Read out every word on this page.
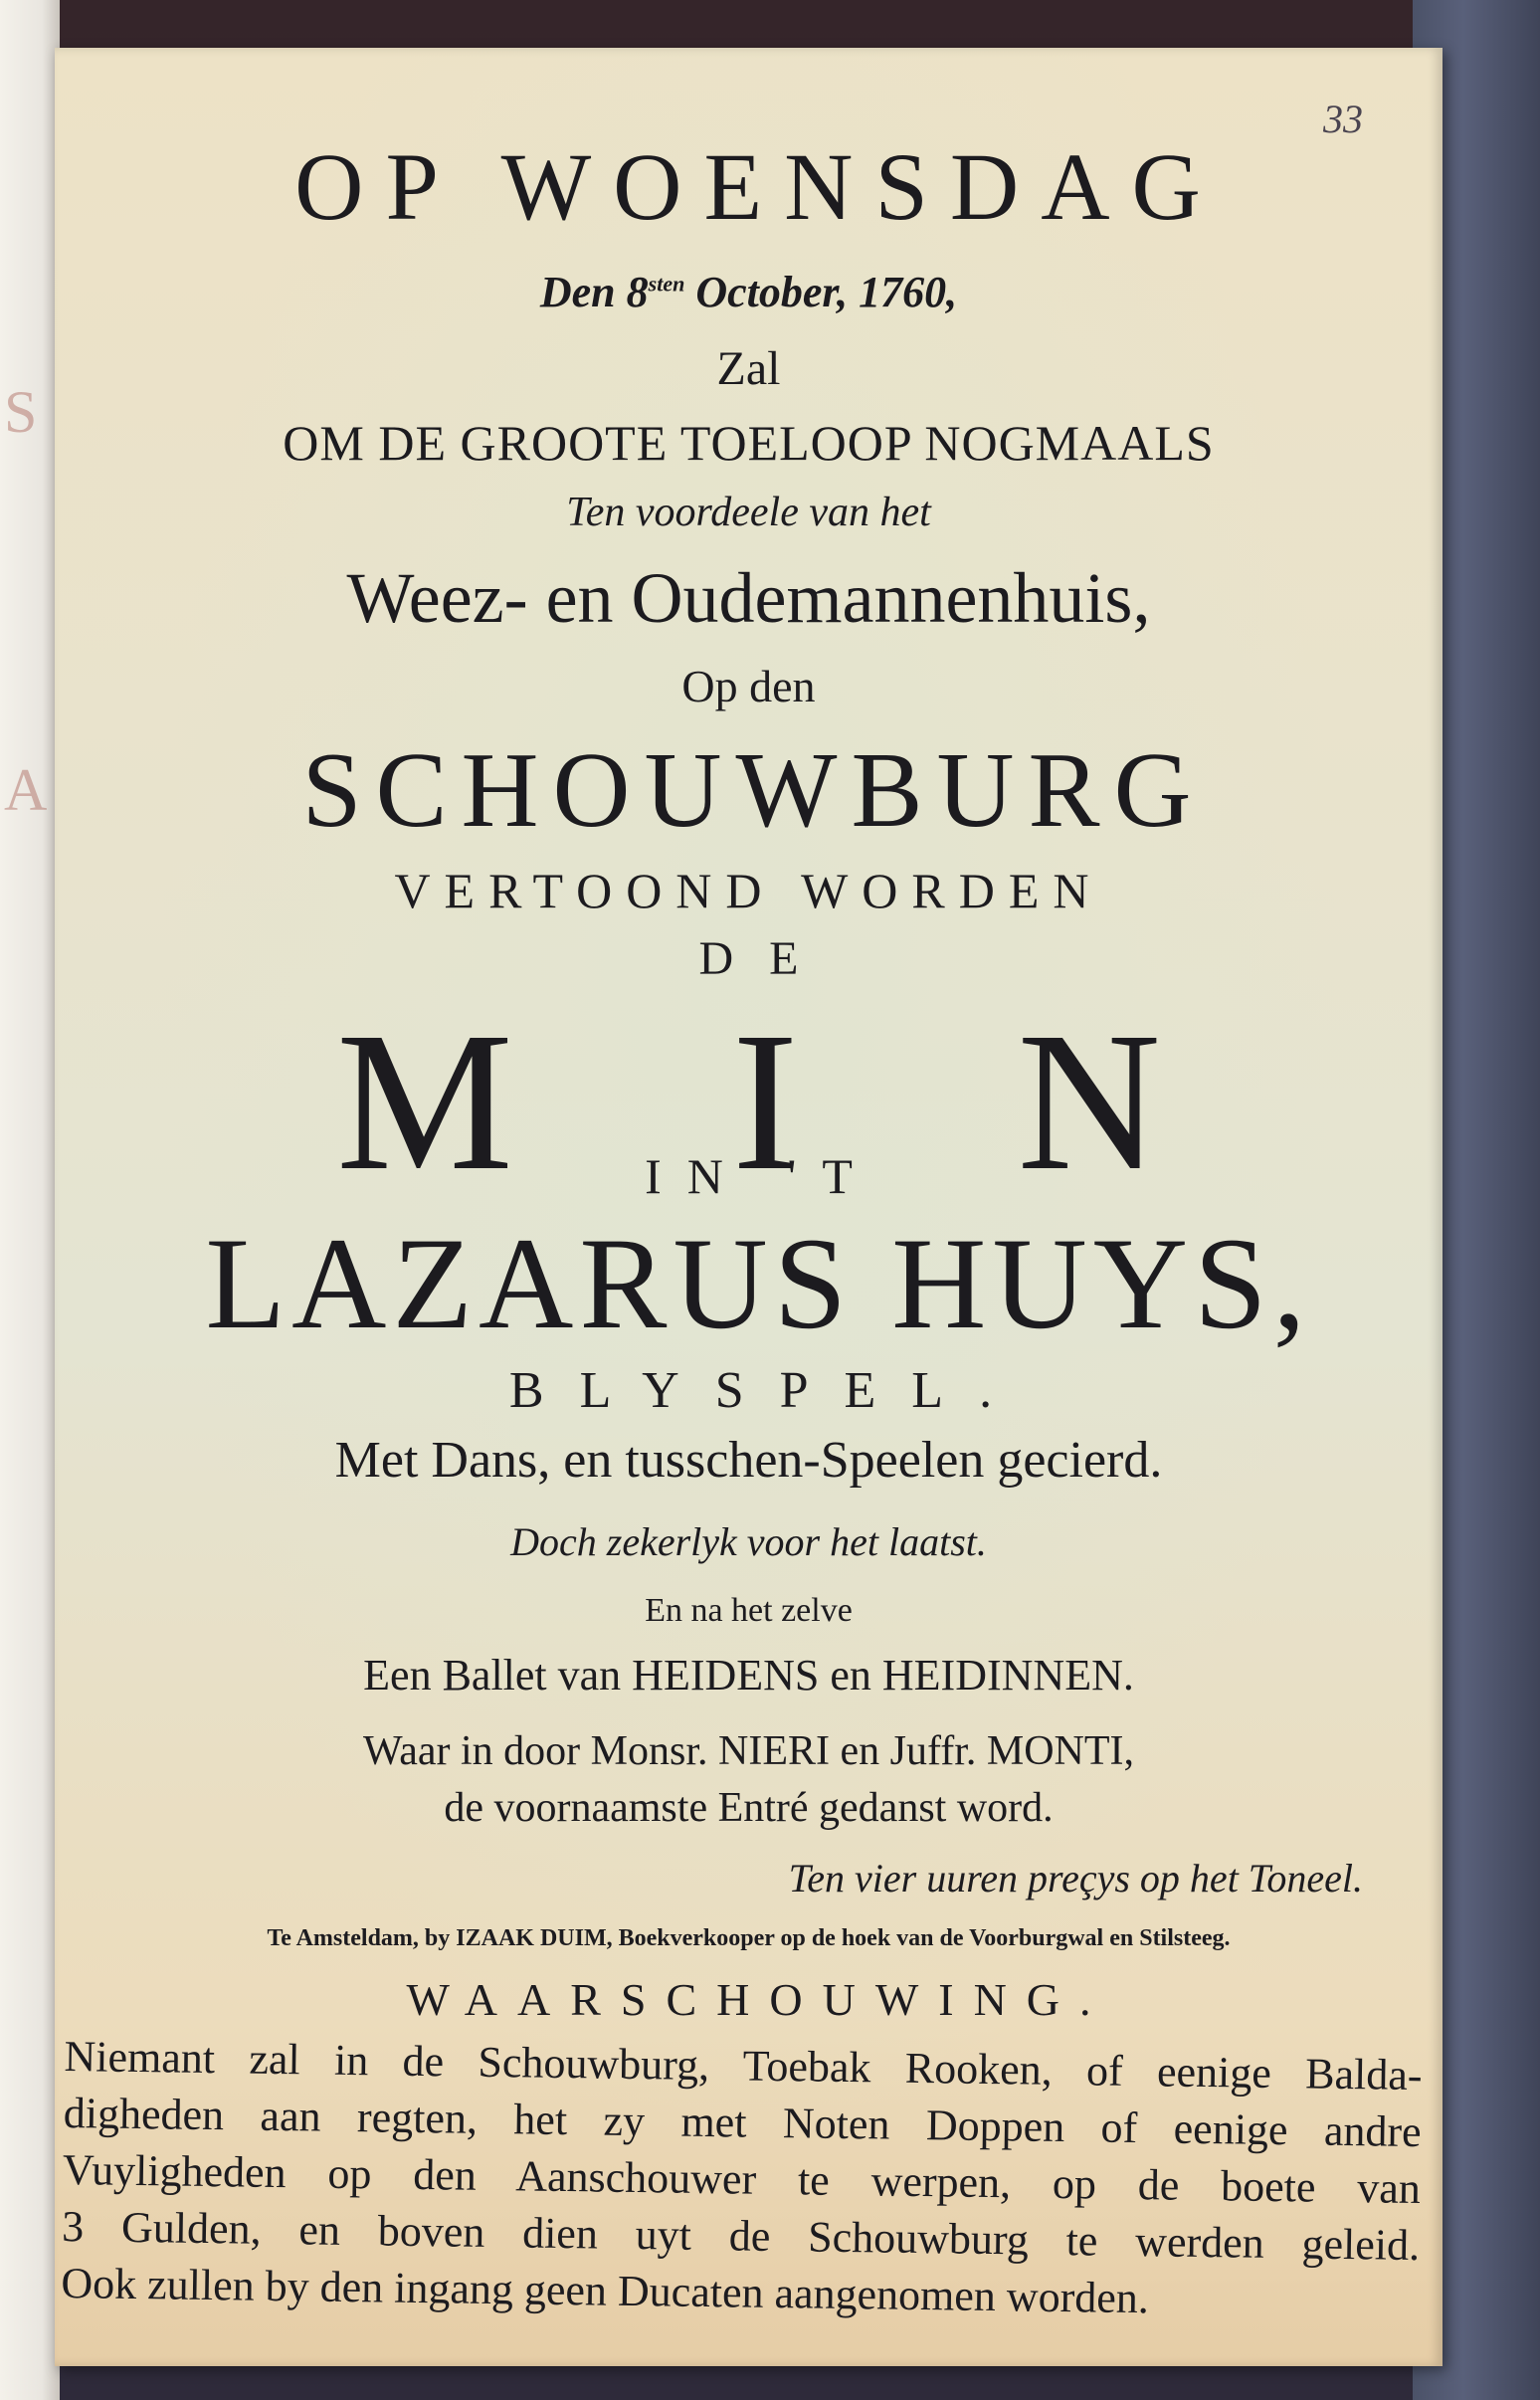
S
A
33
OP WOENSDAG
Den $8^{sten}$ October, 1760,
Zal
OM DE GROOTE TOELOOP NOGMAALS
Ten voordeele van het
Weez- en Oudemannenhuis,
Op den
SCHOUWBURG
VERTOOND WORDEN
DE
M I N
IN 'T
LAZARUS HUYS,
BLYSPEL.
Met Dans, en tusschen-Speelen gecierd.
Doch zekerlyk voor het laatst.
En na het zelve
Een Ballet van HEIDENS en HEIDINNEN.
Waar in door Monsr. NIERI en Juffr. MONTI,
de voornaamste Entré gedanst word.
Ten vier uuren preçys op het Toneel.
Te Amsteldam, by IZAAK DUIM, Boekverkooper op de hoek van de Voorburgwal en Stilsteeg.
WAARSCHOUWING.
Niemant zal in de Schouwburg, Toebak Rooken, of eenige Balda-
digheden aan regten, het zy met Noten Doppen of eenige andre
Vuyligheden op den Aanschouwer te werpen, op de boete van
3 Gulden, en boven dien uyt de Schouwburg te werden geleid.
Ook zullen by den ingang geen Ducaten aangenomen worden.
